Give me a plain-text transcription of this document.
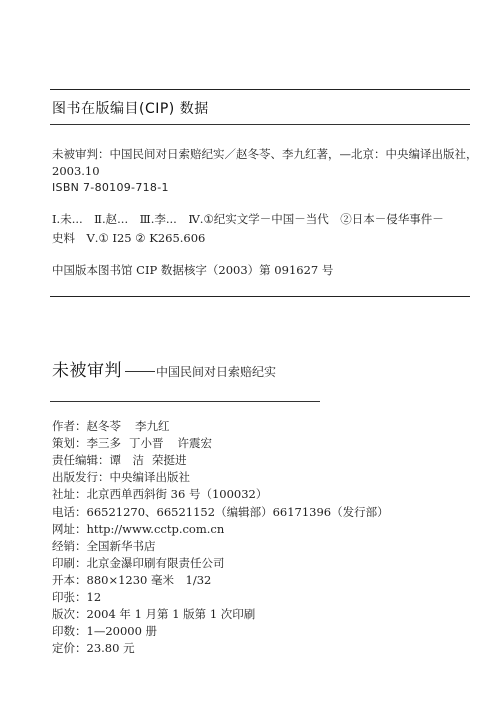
图书在版编目(CIP) 数据
未被审判：中国民间对日索赔纪实／赵冬苓、李九红著，—北京：中央编译出版社，
2003.10
ISBN 7-80109-718-1
Ⅰ.未...　Ⅱ.赵...　Ⅲ.李...　Ⅳ.①纪实文学－中国－当代　②日本－侵华事件－
史料　Ⅴ.① I25 ② K265.606
中国版本图书馆 CIP 数据核字（2003）第 091627 号
未被审判	中国民间对日索赔纪实
作者：赵冬苓 李九红
策划：李三多 丁小晋 许震宏
责任编辑：谭　洁 荣挺进
出版发行：中央编译出版社
社址：北京西单西斜街 36 号（100032）
电话：66521270、66521152（编辑部）66171396（发行部）
网址：http://www.cctp.com.cn
经销：全国新华书店
印刷：北京金瀑印刷有限责任公司
开本：880×1230 毫米　1/32
印张：12
版次：2004 年 1 月第 1 版第 1 次印刷
印数：1—20000 册
定价：23.80 元
